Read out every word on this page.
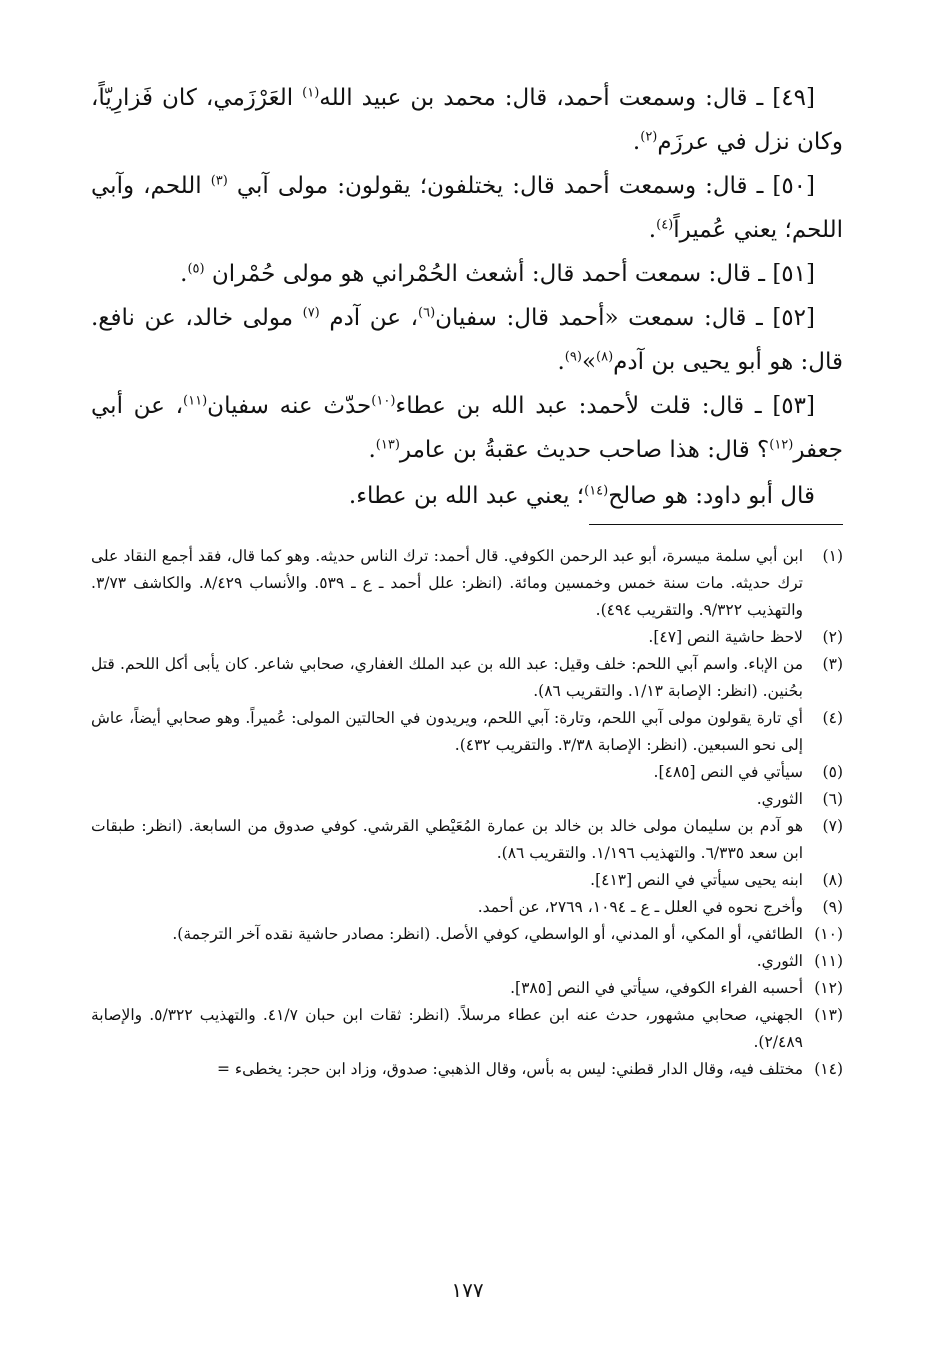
[٤٩] ـ قال: وسمعت أحمد، قال: محمد بن عبيد الله$^{(١)}$ العَرْزَمي، كان فَزارِيّاً، وكان نزل في عرزَم$^{(٢)}$.

[٥٠] ـ قال: وسمعت أحمد قال: يختلفون؛ يقولون: مولى آبي $^{(٣)}$ اللحم، وآبي اللحم؛ يعني عُميراً$^{(٤)}$.

[٥١] ـ قال: سمعت أحمد قال: أشعث الحُمْراني هو مولى حُمْران $^{(٥)}$.

[٥٢] ـ قال: سمعت «أحمد قال: سفيان$^{(٦)}$، عن آدم $^{(٧)}$ مولى خالد، عن نافع. قال: هو أبو يحيى بن آدم$^{(٨)}$»$^{(٩)}$.

[٥٣] ـ قال: قلت لأحمد: عبد الله بن عطاء$^{(١٠)}$حدّث عنه سفيان$^{(١١)}$، عن أبي جعفر$^{(١٢)}$؟ قال: هذا صاحب حديث عقبةُ بن عامر$^{(١٣)}$.

قال أبو داود: هو صالح$^{(١٤)}$؛ يعني عبد الله بن عطاء.

(١)
ابن أبي سلمة ميسرة، أبو عبد الرحمن الكوفي. قال أحمد: ترك الناس حديثه. وهو كما قال، فقد أجمع النقاد على ترك حديثه. مات سنة خمس وخمسين ومائة. (انظر: علل أحمد ـ ع ـ ٥٣٩. والأنساب ٨/٤٢٩. والكاشف ٣/٧٣. والتهذيب ٩/٣٢٢. والتقريب ٤٩٤).
(٢)
لاحظ حاشية النص [٤٧].
(٣)
من الإباء. واسم آبي اللحم: خلف وقيل: عبد الله بن عبد الملك الغفاري، صحابي شاعر. كان يأبى أكل اللحم. قتل بحُنين. (انظر: الإصابة ١/١٣. والتقريب ٨٦).
(٤)
أي تارة يقولون مولى آبي اللحم، وتارة: آبي اللحم، ويريدون في الحالتين المولى: عُميراً. وهو صحابي أيضاً، عاش إلى نحو السبعين. (انظر: الإصابة ٣/٣٨. والتقريب ٤٣٢).
(٥)
سيأتي في النص [٤٨٥].
(٦)
الثوري.
(٧)
هو آدم بن سليمان مولى خالد بن خالد بن عمارة المُعَيْطي القرشي. كوفي صدوق من السابعة. (انظر: طبقات ابن سعد ٦/٣٣٥. والتهذيب ١/١٩٦. والتقريب ٨٦).
(٨)
ابنه يحيى سيأتي في النص [٤١٣].
(٩)
وأخرج نحوه في العلل ـ ع ـ ١٠٩٤، ٢٧٦٩، عن أحمد.
(١٠)
الطائفي، أو المكي، أو المدني، أو الواسطي، كوفي الأصل. (انظر: مصادر حاشية نقده آخر الترجمة).
(١١)
الثوري.
(١٢)
أحسبه الفراء الكوفي، سيأتي في النص [٣٨٥].
(١٣)
الجهني، صحابي مشهور، حدث عنه ابن عطاء مرسلاً. (انظر: ثقات ابن حبان ٤١/٧. والتهذيب ٥/٣٢٢. والإصابة ٢/٤٨٩).
(١٤)
مختلف فيه، وقال الدار قطني: ليس به بأس، وقال الذهبي: صدوق، وزاد ابن حجر: يخطىء =
١٧٧
